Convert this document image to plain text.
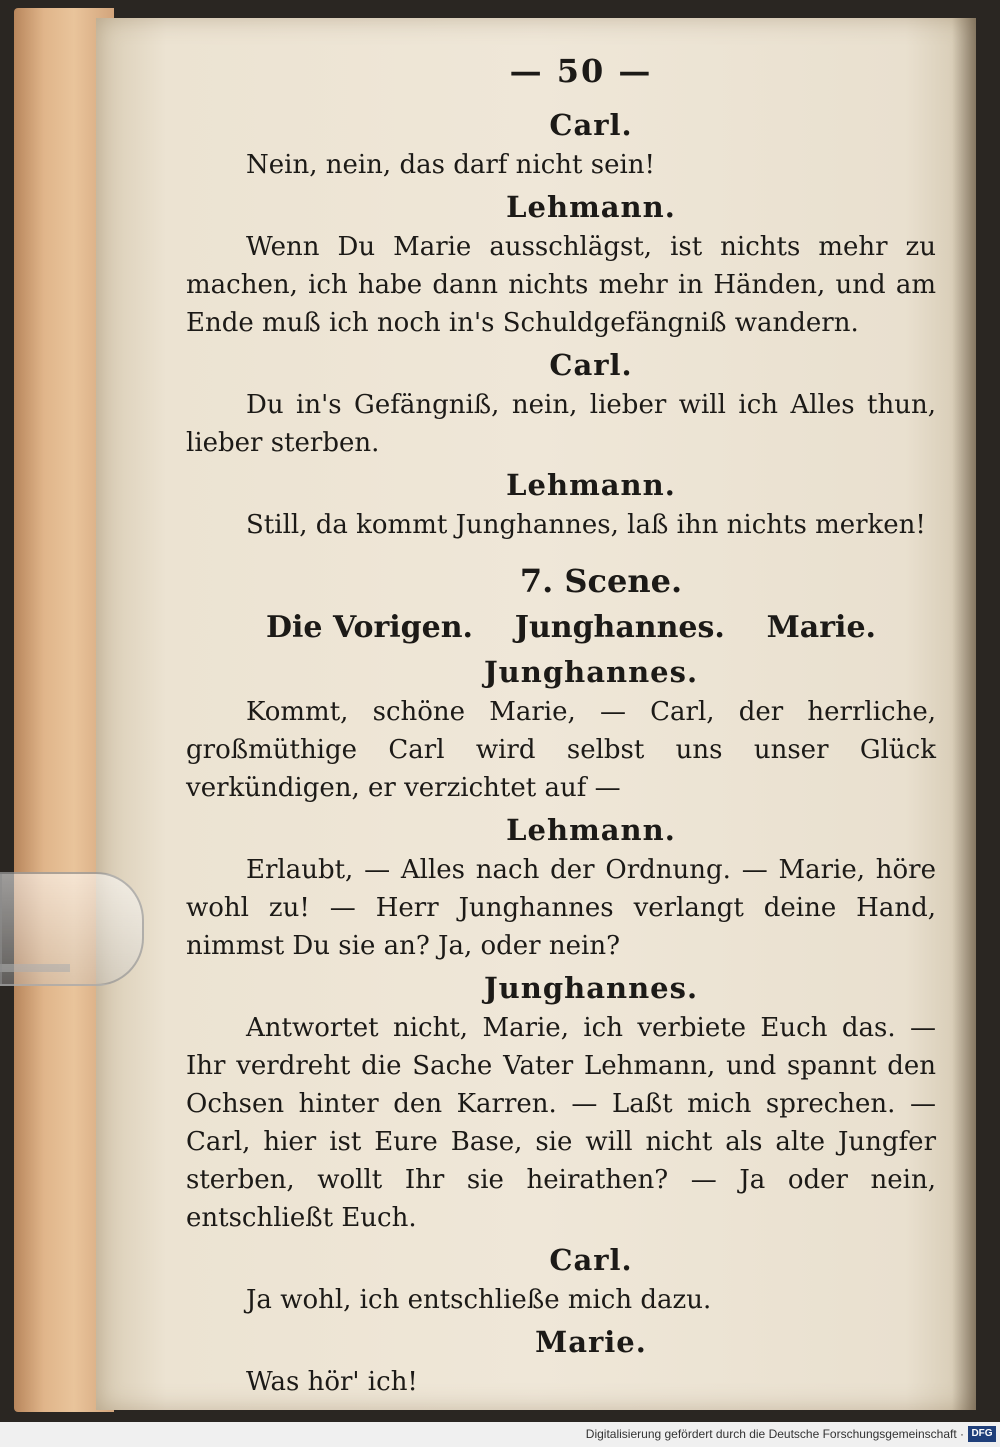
— 50 —
Carl.

Nein, nein, das darf nicht sein!

Lehmann.

Wenn Du Marie ausschlägst, ist nichts mehr zu machen, ich habe dann nichts mehr in Händen, und am Ende muß ich noch in's Schuldgefängniß wandern.

Carl.

Du in's Gefängniß, nein, lieber will ich Alles thun, lieber sterben.

Lehmann.

Still, da kommt Junghannes, laß ihn nichts merken!

7. Scene.
Die Vorigen. Junghannes. Marie.
Junghannes.

Kommt, schöne Marie, — Carl, der herrliche, großmüthige Carl wird selbst uns unser Glück verkündigen, er verzichtet auf —

Lehmann.

Erlaubt, — Alles nach der Ordnung. — Marie, höre wohl zu! — Herr Junghannes verlangt deine Hand, nimmst Du sie an? Ja, oder nein?

Junghannes.

Antwortet nicht, Marie, ich verbiete Euch das. — Ihr verdreht die Sache Vater Lehmann, und spannt den Ochsen hinter den Karren. — Laßt mich sprechen. — Carl, hier ist Eure Base, sie will nicht als alte Jungfer sterben, wollt Ihr sie heirathen? — Ja oder nein, entschließt Euch.

Carl.

Ja wohl, ich entschließe mich dazu.

Marie.

Was hör' ich!

Digitalisierung gefördert durch die Deutsche Forschungsgemeinschaft · DFG
